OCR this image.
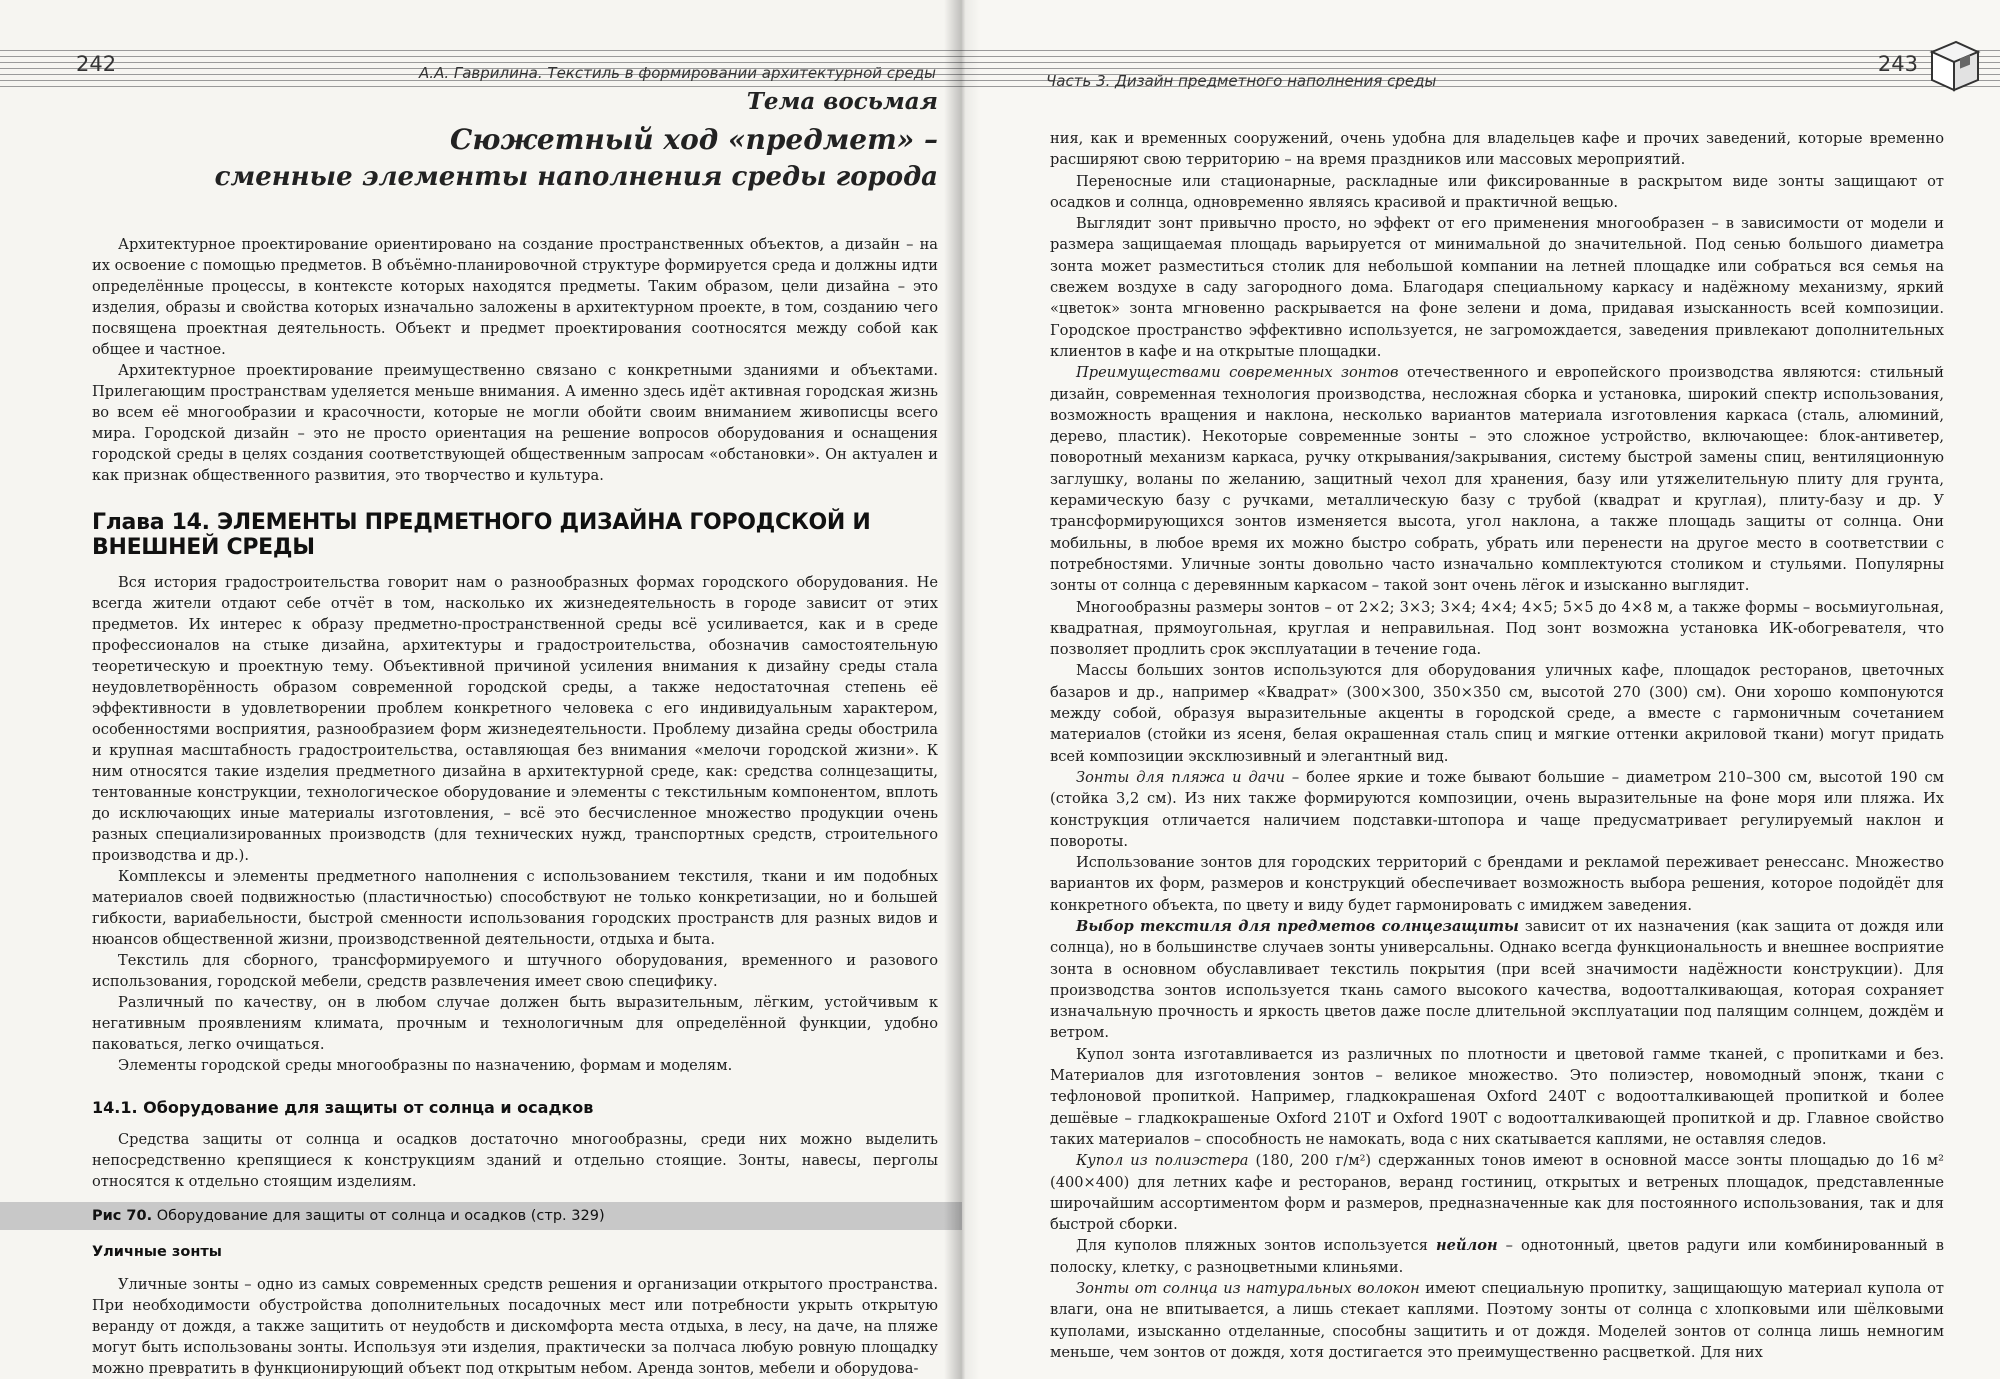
242	А.А. Гаврилина. Текстиль в формировании архитектурной среды
Тема восьмая
Сюжетный ход «предмет» –
сменные элементы наполнения среды города

Архитектурное проектирование ориентировано на создание пространственных объектов, а дизайн – на их освоение с помощью предметов. В объёмно-планировочной структуре формируется среда и должны идти определённые процессы, в контексте которых находятся предметы. Таким образом, цели дизайна – это изделия, образы и свойства которых изначально заложены в архитектурном проекте, в том, созданию чего посвящена проектная деятельность. Объект и предмет проектирования соотносятся между собой как общее и частное.

Архитектурное проектирование преимущественно связано с конкретными зданиями и объектами. Прилегающим пространствам уделяется меньше внимания. А именно здесь идёт активная городская жизнь во всем её многообразии и красочности, которые не могли обойти своим вниманием живописцы всего мира. Городской дизайн – это не просто ориентация на решение вопросов оборудования и оснащения городской среды в целях создания соответствующей общественным запросам «обстановки». Он актуален и как признак общественного развития, это творчество и культура.

Глава 14. ЭЛЕМЕНТЫ ПРЕДМЕТНОГО ДИЗАЙНА ГОРОДСКОЙ И ВНЕШНЕЙ СРЕДЫ

Вся история градостроительства говорит нам о разнообразных формах городского оборудования. Не всегда жители отдают себе отчёт в том, насколько их жизнедеятельность в городе зависит от этих предметов. Их интерес к образу предметно-пространственной среды всё усиливается, как и в среде профессионалов на стыке дизайна, архитектуры и градостроительства, обозначив самостоятельную теоретическую и проектную тему. Объективной причиной усиления внимания к дизайну среды стала неудовлетворённость образом современной городской среды, а также недостаточная степень её эффективности в удовлетворении проблем конкретного человека с его индивидуальным характером, особенностями восприятия, разнообразием форм жизнедеятельности. Проблему дизайна среды обострила и крупная масштабность градостроительства, оставляющая без внимания «мелочи городской жизни». К ним относятся такие изделия предметного дизайна в архитектурной среде, как: средства солнцезащиты, тентованные конструкции, технологическое оборудование и элементы с текстильным компонентом, вплоть до исключающих иные материалы изготовления, – всё это бесчисленное множество продукции очень разных специализированных производств (для технических нужд, транспортных средств, строительного производства и др.).

Комплексы и элементы предметного наполнения с использованием текстиля, ткани и им подобных материалов своей подвижностью (пластичностью) способствуют не только конкретизации, но и большей гибкости, вариабельности, быстрой сменности использования городских пространств для разных видов и нюансов общественной жизни, производственной деятельности, отдыха и быта.

Текстиль для сборного, трансформируемого и штучного оборудования, временного и разового использования, городской мебели, средств развлечения имеет свою специфику.

Различный по качеству, он в любом случае должен быть выразительным, лёгким, устойчивым к негативным проявлениям климата, прочным и технологичным для определённой функции, удобно паковаться, легко очищаться.

Элементы городской среды многообразны по назначению, формам и моделям.

14.1. Оборудование для защиты от солнца и осадков

Средства защиты от солнца и осадков достаточно многообразны, среди них можно выделить непосредственно крепящиеся к конструкциям зданий и отдельно стоящие. Зонты, навесы, перголы относятся к отдельно стоящим изделиям.

Рис 70. Оборудование для защиты от солнца и осадков (стр. 329)
Уличные зонты

Уличные зонты – одно из самых современных средств решения и организации открытого пространства. При необходимости обустройства дополнительных посадочных мест или потребности укрыть открытую веранду от дождя, а также защитить от неудобств и дискомфорта места отдыха, в лесу, на даче, на пляже могут быть использованы зонты. Используя эти изделия, практически за полчаса любую ровную площадку можно превратить в функционирующий объект под открытым небом. Аренда зонтов, мебели и оборудова-

Часть 3. Дизайн предметного наполнения среды
243

ния, как и временных сооружений, очень удобна для владельцев кафе и прочих заведений, которые временно расширяют свою территорию – на время праздников или массовых мероприятий.

Переносные или стационарные, раскладные или фиксированные в раскрытом виде зонты защищают от осадков и солнца, одновременно являясь красивой и практичной вещью.

Выглядит зонт привычно просто, но эффект от его применения многообразен – в зависимости от модели и размера защищаемая площадь варьируется от минимальной до значительной. Под сенью большого диаметра зонта может разместиться столик для небольшой компании на летней площадке или собраться вся семья на свежем воздухе в саду загородного дома. Благодаря специальному каркасу и надёжному механизму, яркий «цветок» зонта мгновенно раскрывается на фоне зелени и дома, придавая изысканность всей композиции. Городское пространство эффективно используется, не загромождается, заведения привлекают дополнительных клиентов в кафе и на открытые площадки.

Преимуществами современных зонтов отечественного и европейского производства являются: стильный дизайн, современная технология производства, несложная сборка и установка, широкий спектр использования, возможность вращения и наклона, несколько вариантов материала изготовления каркаса (сталь, алюминий, дерево, пластик). Некоторые современные зонты – это сложное устройство, включающее: блок-антиветер, поворотный механизм каркаса, ручку открывания/закрывания, систему быстрой замены спиц, вентиляционную заглушку, воланы по желанию, защитный чехол для хранения, базу или утяжелительную плиту для грунта, керамическую базу с ручками, металлическую базу с трубой (квадрат и круглая), плиту-базу и др. У трансформирующихся зонтов изменяется высота, угол наклона, а также площадь защиты от солнца. Они мобильны, в любое время их можно быстро собрать, убрать или перенести на другое место в соответствии с потребностями. Уличные зонты довольно часто изначально комплектуются столиком и стульями. Популярны зонты от солнца с деревянным каркасом – такой зонт очень лёгок и изысканно выглядит.

Многообразны размеры зонтов – от 2×2; 3×3; 3×4; 4×4; 4×5; 5×5 до 4×8 м, а также формы – восьмиугольная, квадратная, прямоугольная, круглая и неправильная. Под зонт возможна установка ИК-обогревателя, что позволяет продлить срок эксплуатации в течение года.

Массы больших зонтов используются для оборудования уличных кафе, площадок ресторанов, цветочных базаров и др., например «Квадрат» (300×300, 350×350 см, высотой 270 (300) см). Они хорошо компонуются между собой, образуя выразительные акценты в городской среде, а вместе с гармоничным сочетанием материалов (стойки из ясеня, белая окрашенная сталь спиц и мягкие оттенки акриловой ткани) могут придать всей композиции эксклюзивный и элегантный вид.

Зонты для пляжа и дачи – более яркие и тоже бывают большие – диаметром 210–300 см, высотой 190 см (стойка 3,2 см). Из них также формируются композиции, очень выразительные на фоне моря или пляжа. Их конструкция отличается наличием подставки-штопора и чаще предусматривает регулируемый наклон и повороты.

Использование зонтов для городских территорий с брендами и рекламой переживает ренессанс. Множество вариантов их форм, размеров и конструкций обеспечивает возможность выбора решения, которое подойдёт для конкретного объекта, по цвету и виду будет гармонировать с имиджем заведения.

Выбор текстиля для предметов солнцезащиты зависит от их назначения (как защита от дождя или солнца), но в большинстве случаев зонты универсальны. Однако всегда функциональность и внешнее восприятие зонта в основном обуславливает текстиль покрытия (при всей значимости надёжности конструкции). Для производства зонтов используется ткань самого высокого качества, водоотталкивающая, которая сохраняет изначальную прочность и яркость цветов даже после длительной эксплуатации под палящим солнцем, дождём и ветром.

Купол зонта изготавливается из различных по плотности и цветовой гамме тканей, с пропитками и без. Материалов для изготовления зонтов – великое множество. Это полиэстер, новомодный эпонж, ткани с тефлоновой пропиткой. Например, гладкокрашеная Oxford 240T с водоотталкивающей пропиткой и более дешёвые – гладкокрашеные Oxford 210T и Oxford 190T с водоотталкивающей пропиткой и др. Главное свойство таких материалов – способность не намокать, вода с них скатывается каплями, не оставляя следов.

Купол из полиэстера (180, 200 г/м²) сдержанных тонов имеют в основной массе зонты площадью до 16 м² (400×400) для летних кафе и ресторанов, веранд гостиниц, открытых и ветреных площадок, представленные широчайшим ассортиментом форм и размеров, предназначенные как для постоянного использования, так и для быстрой сборки.

Для куполов пляжных зонтов используется нейлон – однотонный, цветов радуги или комбинированный в полоску, клетку, с разноцветными клиньями.

Зонты от солнца из натуральных волокон имеют специальную пропитку, защищающую материал купола от влаги, она не впитывается, а лишь стекает каплями. Поэтому зонты от солнца с хлопковыми или шёлковыми куполами, изысканно отделанные, способны защитить и от дождя. Моделей зонтов от солнца лишь немногим меньше, чем зонтов от дождя, хотя достигается это преимущественно расцветкой. Для них
